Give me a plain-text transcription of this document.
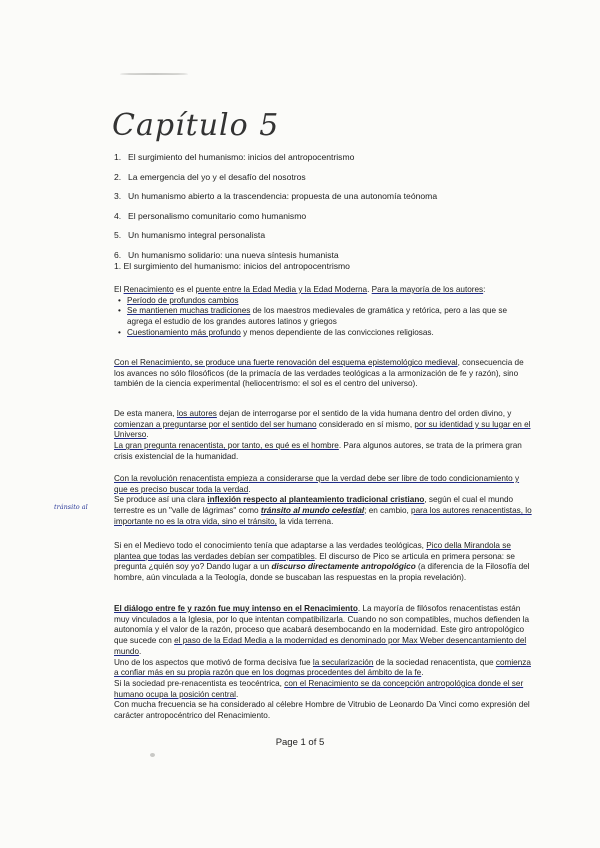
Capítulo 5
1. El surgimiento del humanismo: inicios del antropocentrismo
2. La emergencia del yo y el desafío del nosotros
3. Un humanismo abierto a la trascendencia: propuesta de una autonomía teónoma
4. El personalismo comunitario como humanismo
5. Un humanismo integral personalista
6. Un humanismo solidario: una nueva síntesis humanista
1. El surgimiento del humanismo: inicios del antropocentrismo

El Renacimiento es el puente entre la Edad Media y la Edad Moderna. Para la mayoría de los autores:

• Período de profundos cambios
• Se mantienen muchas tradiciones de los maestros medievales de gramática y retórica, pero a las que se agrega el estudio de los grandes autores latinos y griegos
• Cuestionamiento más profundo y menos dependiente de las convicciones religiosas.

Con el Renacimiento, se produce una fuerte renovación del esquema epistemológico medieval, consecuencia de los avances no sólo filosóficos (de la primacía de las verdades teológicas a la armonización de fe y razón), sino también de la ciencia experimental (heliocentrismo: el sol es el centro del universo).

De esta manera, los autores dejan de interrogarse por el sentido de la vida humana dentro del orden divino, y comienzan a preguntarse por el sentido del ser humano considerado en sí mismo, por su identidad y su lugar en el Universo.

La gran pregunta renacentista, por tanto, es qué es el hombre. Para algunos autores, se trata de la primera gran crisis existencial de la humanidad.

Con la revolución renacentista empieza a considerarse que la verdad debe ser libre de todo condicionamiento y que es preciso buscar toda la verdad.

Se produce así una clara inflexión respecto al planteamiento tradicional cristiano, según el cual el mundo terrestre es un "valle de lágrimas" como tránsito al mundo celestial; en cambio, para los autores renacentistas, lo importante no es la otra vida, sino el tránsito, la vida terrena.

tránsito al

Si en el Medievo todo el conocimiento tenía que adaptarse a las verdades teológicas, Pico della Mirandola se plantea que todas las verdades debían ser compatibles. El discurso de Pico se articula en primera persona: se pregunta ¿quién soy yo? Dando lugar a un discurso directamente antropológico (a diferencia de la Filosofía del hombre, aún vinculada a la Teología, donde se buscaban las respuestas en la propia revelación).

El diálogo entre fe y razón fue muy intenso en el Renacimiento. La mayoría de filósofos renacentistas están muy vinculados a la Iglesia, por lo que intentan compatibilizarla. Cuando no son compatibles, muchos defienden la autonomía y el valor de la razón, proceso que acabará desembocando en la modernidad. Este giro antropológico que sucede con el paso de la Edad Media a la modernidad es denominado por Max Weber desencantamiento del mundo.

Uno de los aspectos que motivó de forma decisiva fue la secularización de la sociedad renacentista, que comienza a confiar más en su propia razón que en los dogmas procedentes del ámbito de la fe.

Si la sociedad pre-renacentista es teocéntrica, con el Renacimiento se da concepción antropológica donde el ser humano ocupa la posición central.

Con mucha frecuencia se ha considerado al célebre Hombre de Vitrubio de Leonardo Da Vinci como expresión del carácter antropocéntrico del Renacimiento.

Page 1 of 5
